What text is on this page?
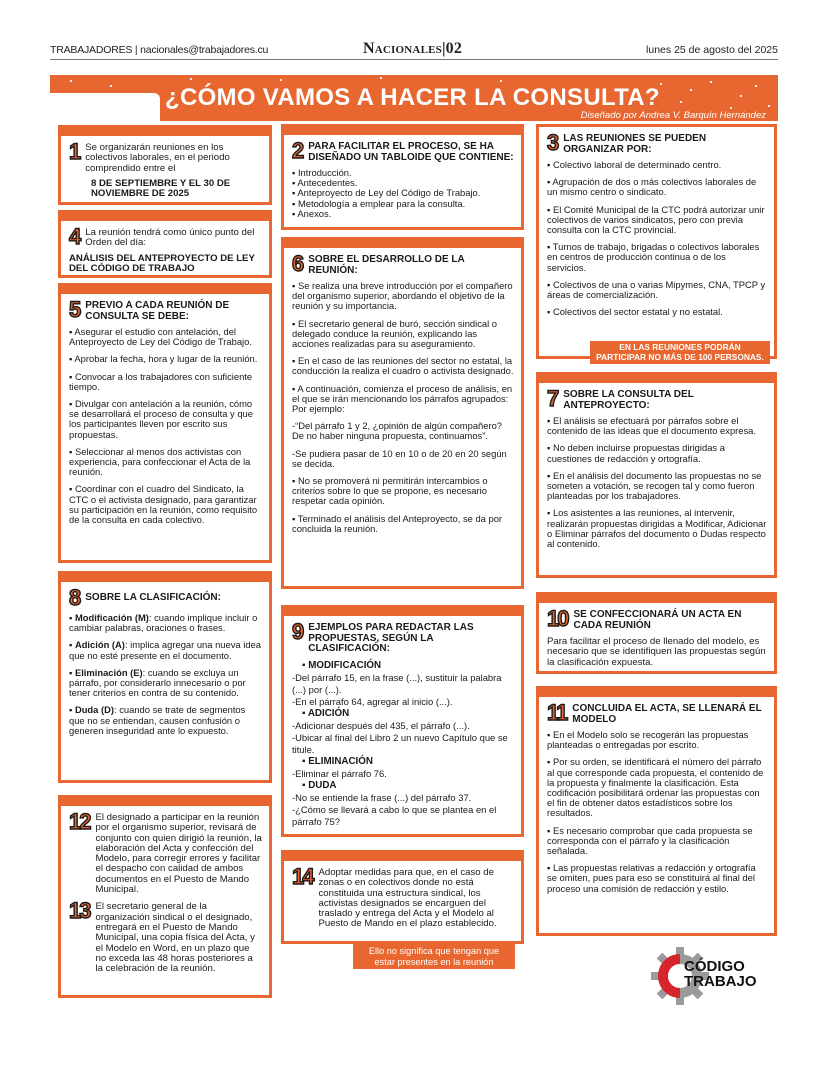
TRABAJADORES | nacionales@trabajadores.cu	Nacionales|02	lunes 25 de agosto del 2025
¿CÓMO VAMOS A HACER LA CONSULTA?
Diseñado por Andrea V. Barquín Hernández
1 Se organizarán reuniones en los colectivos laborales, en el periodo comprendido entre el
8 DE SEPTIEMBRE Y EL 30 DE NOVIEMBRE DE 2025
4 La reunión tendrá como único punto del Orden del día:
ANÁLISIS DEL ANTEPROYECTO DE LEY DEL CÓDIGO DE TRABAJO
5 PREVIO A CADA REUNIÓN DE CONSULTA SE DEBE:
▪ Asegurar el estudio con antelación, del Anteproyecto de Ley del Código de Trabajo.
▪ Aprobar la fecha, hora y lugar de la reunión.
▪ Convocar a los trabajadores con suficiente tiempo.
▪ Divulgar con antelación a la reunión, cómo se desarrollará el proceso de consulta y que los participantes lleven por escrito sus propuestas.
▪ Seleccionar al menos dos activistas con experiencia, para confeccionar el Acta de la reunión.
▪ Coordinar con el cuadro del Sindicato, la CTC o el activista designado, para garantizar su participación en la reunión, como requisito de la consulta en cada colectivo.
8 SOBRE LA CLASIFICACIÓN:
▪ Modificación (M): cuando implique incluir o cambiar palabras, oraciones o frases.
▪ Adición (A): implica agregar una nueva idea que no esté presente en el documento.
▪ Eliminación (E): cuando se excluya un párrafo, por considerarlo innecesario o por tener criterios en contra de su contenido.
▪ Duda (D): cuando se trate de segmentos que no se entiendan, causen confusión o generen inseguridad ante lo expuesto.
12 El designado a participar en la reunión por el organismo superior, revisará de conjunto con quien dirigió la reunión, la elaboración del Acta y confección del Modelo, para corregir errores y facilitar el despacho con calidad de ambos documentos en el Puesto de Mando Municipal.
13 El secretario general de la organización sindical o el designado, entregará en el Puesto de Mando Municipal, una copia física del Acta, y el Modelo en Word, en un plazo que no exceda las 48 horas posteriores a la celebración de la reunión.
2 PARA FACILITAR EL PROCESO, SE HA DISEÑADO UN TABLOIDE QUE CONTIENE:
▪ Introducción.
▪ Antecedentes.
▪ Anteproyecto de Ley del Código de Trabajo.
▪ Metodología a emplear para la consulta.
▪ Anexos.
6 SOBRE EL DESARROLLO DE LA REUNIÓN:
▪ Se realiza una breve introducción por el compañero del organismo superior, abordando el objetivo de la reunión y su importancia.
▪ El secretario general de buró, sección sindical o delegado conduce la reunión, explicando las acciones realizadas para su aseguramiento.
▪ En el caso de las reuniones del sector no estatal, la conducción la realiza el cuadro o activista designado.
▪ A continuación, comienza el proceso de análisis, en el que se irán mencionando los párrafos agrupados: Por ejemplo:
-“Del párrafo 1 y 2, ¿opinión de algún compañero? De no haber ninguna propuesta, continuamos”.
-Se pudiera pasar de 10 en 10 o de 20 en 20 según se decida.
▪ No se promoverá ni permitirán intercambios o criterios sobre lo que se propone, es necesario respetar cada opinión.
▪ Terminado el análisis del Anteproyecto, se da por concluida la reunión.
9 EJEMPLOS PARA REDACTAR LAS PROPUESTAS, SEGÚN LA CLASIFICACIÓN:
▪ MODIFICACIÓN
-Del párrafo 15, en la frase (...), sustituir la palabra (...) por (...).
-En el párrafo 64, agregar al inicio (...).
▪ ADICIÓN
-Adicionar después del 435, el párrafo (...).
-Ubicar al final del Libro 2 un nuevo Capítulo que se titule.
▪ ELIMINACIÓN
-Eliminar el párrafo 76.
▪ DUDA
-No se entiende la frase (...) del párrafo 37.
-¿Cómo se llevará a cabo lo que se plantea en el párrafo 75?
14 Adoptar medidas para que, en el caso de zonas o en colectivos donde no está constituida una estructura sindical, los activistas designados se encarguen del traslado y entrega del Acta y el Modelo al Puesto de Mando en el plazo establecido.
Ello no significa que tengan que estar presentes en la reunión
3 LAS REUNIONES SE PUEDEN ORGANIZAR POR:
▪ Colectivo laboral de determinado centro.
▪ Agrupación de dos o más colectivos laborales de un mismo centro o sindicato.
▪ El Comité Municipal de la CTC podrá autorizar unir colectivos de varios sindicatos, pero con previa consulta con la CTC provincial.
▪ Turnos de trabajo, brigadas o colectivos laborales en centros de producción continua o de los servicios.
▪ Colectivos de una o varias Mipymes, CNA, TPCP y áreas de comercialización.
▪ Colectivos del sector estatal y no estatal.
EN LAS REUNIONES PODRÁN PARTICIPAR NO MÁS DE 100 PERSONAS.
7 SOBRE LA CONSULTA DEL ANTEPROYECTO:
▪ El análisis se efectuará por párrafos sobre el contenido de las ideas que el documento expresa.
▪ No deben incluirse propuestas dirigidas a cuestiones de redacción y ortografía.
▪ En el análisis del documento las propuestas no se someten a votación, se recogen tal y como fueron planteadas por los trabajadores.
▪ Los asistentes a las reuniones, al intervenir, realizarán propuestas dirigidas a Modificar, Adicionar o Eliminar párrafos del documento o Dudas respecto al contenido.
10 SE CONFECCIONARÁ UN ACTA EN CADA REUNIÓN
Para facilitar el proceso de llenado del modelo, es necesario que se identifiquen las propuestas según la clasificación expuesta.
11 CONCLUIDA EL ACTA, SE LLENARÁ EL MODELO
▪ En el Modelo solo se recogerán las propuestas planteadas o entregadas por escrito.
▪ Por su orden, se identificará el número del párrafo al que corresponde cada propuesta, el contenido de la propuesta y finalmente la clasificación. Esta codificación posibilitará ordenar las propuestas con el fin de obtener datos estadísticos sobre los resultados.
▪ Es necesario comprobar que cada propuesta se corresponda con el párrafo y la clasificación señalada.
▪ Las propuestas relativas a redacción y ortografía se omiten, pues para eso se constituirá al final del proceso una comisión de redacción y estilo.
CÓDIGO
TRABAJO
